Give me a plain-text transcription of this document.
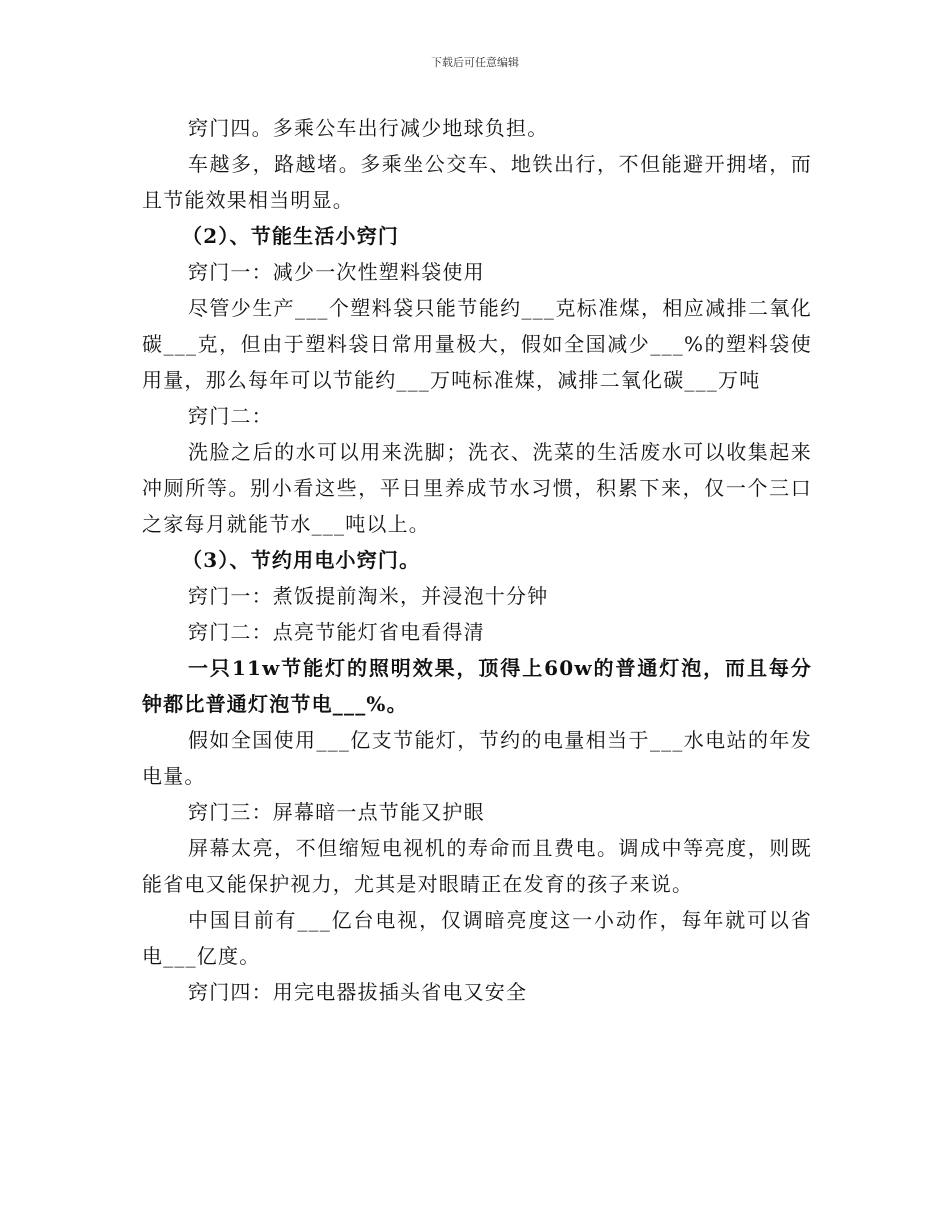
下载后可任意编辑

窍门四。多乘公车出行减少地球负担。

车越多，路越堵。多乘坐公交车、地铁出行，不但能避开拥堵，而且节能效果相当明显。

（2）、节能生活小窍门

窍门一：减少一次性塑料袋使用

尽管少生产___个塑料袋只能节能约___克标准煤，相应减排二氧化碳___克，但由于塑料袋日常用量极大，假如全国减少___%的塑料袋使用量，那么每年可以节能约___万吨标准煤，减排二氧化碳___万吨

窍门二：

洗脸之后的水可以用来洗脚；洗衣、洗菜的生活废水可以收集起来冲厕所等。别小看这些，平日里养成节水习惯，积累下来，仅一个三口之家每月就能节水___吨以上。

（3）、节约用电小窍门。

窍门一：煮饭提前淘米，并浸泡十分钟

窍门二：点亮节能灯省电看得清

一只11w节能灯的照明效果，顶得上60w的普通灯泡，而且每分钟都比普通灯泡节电___%。

假如全国使用___亿支节能灯，节约的电量相当于___水电站的年发电量。

窍门三：屏幕暗一点节能又护眼

屏幕太亮，不但缩短电视机的寿命而且费电。调成中等亮度，则既能省电又能保护视力，尤其是对眼睛正在发育的孩子来说。

中国目前有___亿台电视，仅调暗亮度这一小动作，每年就可以省电___亿度。

窍门四：用完电器拔插头省电又安全
